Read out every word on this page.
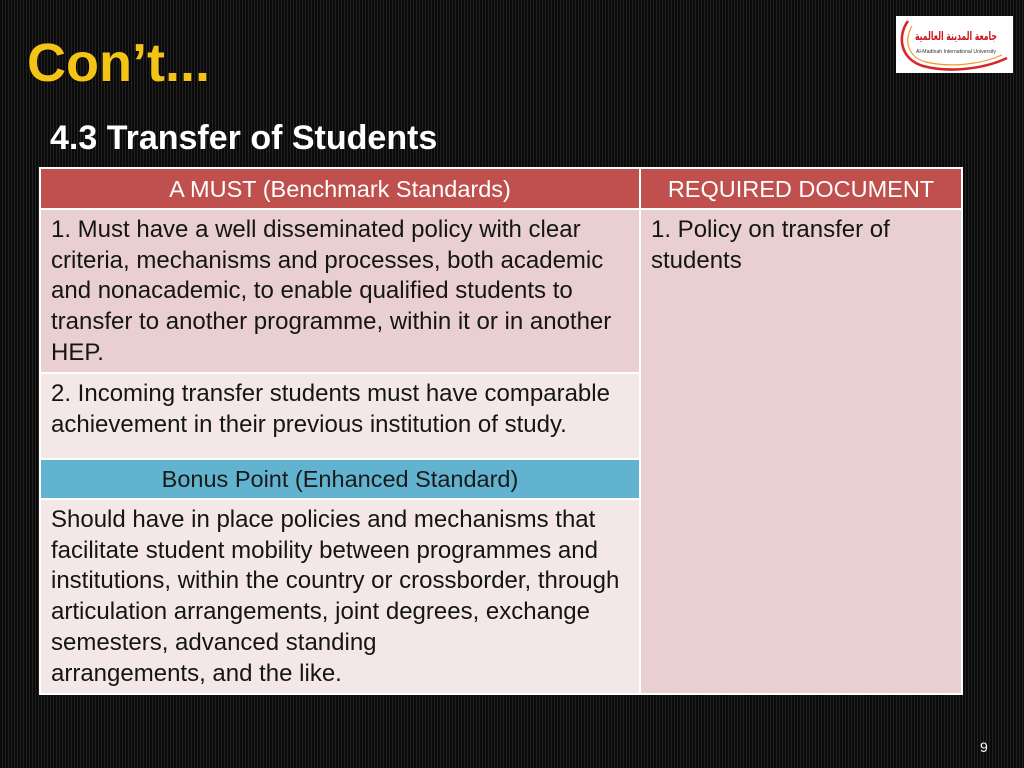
Con’t...	جامعة المدينة العالمية
Al-Madinah International University
4.3 Transfer of Students
A MUST (Benchmark Standards)	REQUIRED DOCUMENT
1. Must have a well disseminated policy with clear
criteria, mechanisms and processes, both academic
and nonacademic, to enable qualified students to
transfer to another programme, within it or in another
HEP.
1. Policy on transfer of
students
2. Incoming transfer students must have comparable
achievement in their previous institution of study.
Bonus Point (Enhanced Standard)
Should have in place policies and mechanisms that
facilitate student mobility between programmes and
institutions, within the country or crossborder, through
articulation arrangements, joint degrees, exchange
semesters, advanced standing
arrangements, and the like.
9
